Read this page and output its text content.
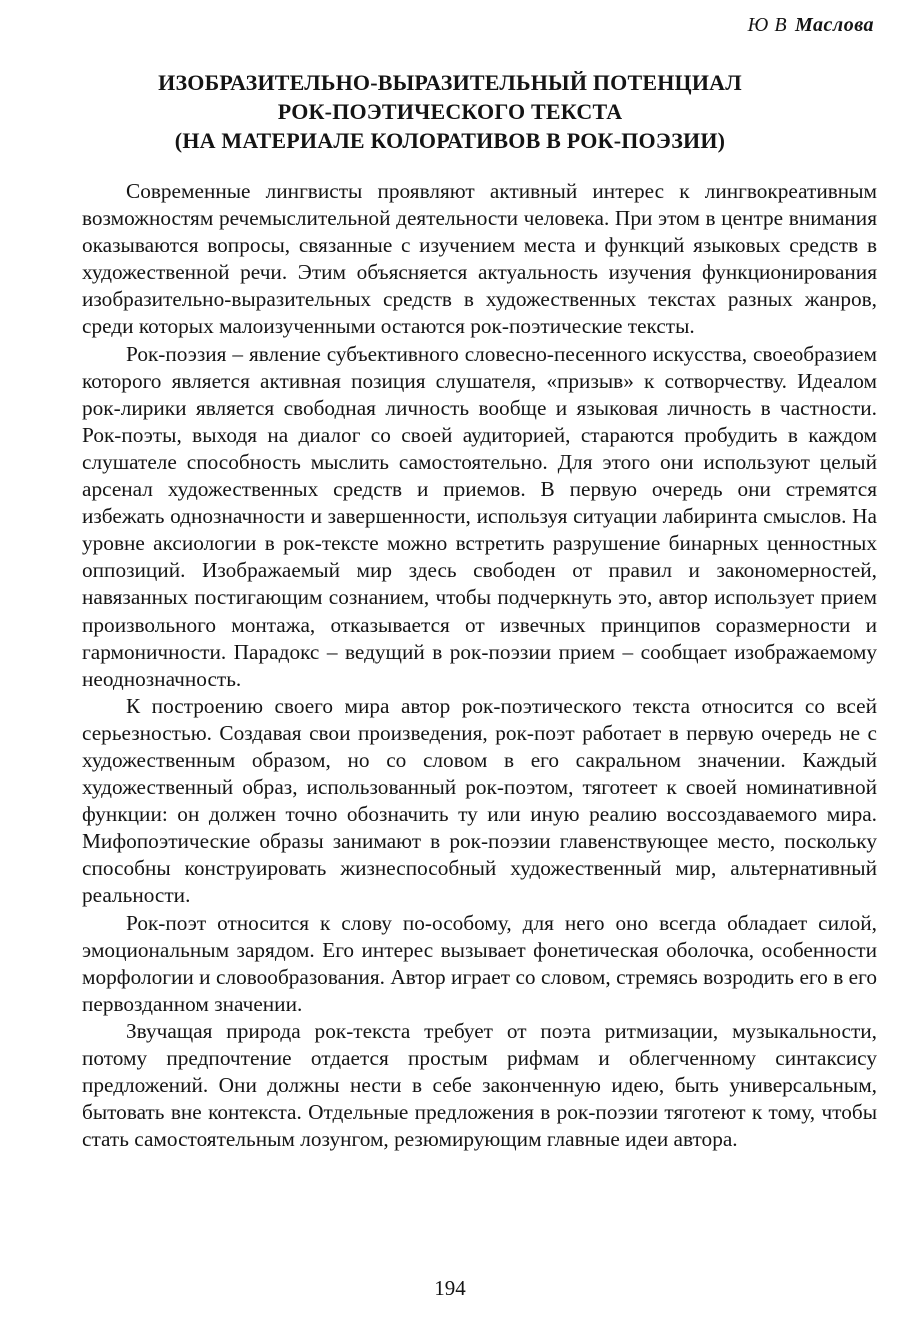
Ю В Маслова
ИЗОБРАЗИТЕЛЬНО-ВЫРАЗИТЕЛЬНЫЙ ПОТЕНЦИАЛ
РОК-ПОЭТИЧЕСКОГО ТЕКСТА
(НА МАТЕРИАЛЕ КОЛОРАТИВОВ В РОК-ПОЭЗИИ)

Современные лингвисты проявляют активный интерес к лингвокреативным возможностям речемыслительной деятельности человека. При этом в центре внимания оказываются вопросы, связанные с изучением места и функций языковых средств в художественной речи. Этим объясняется актуальность изучения функционирования изобразительно-выразительных средств в художественных текстах разных жанров, среди которых малоизученными остаются рок-поэтические тексты.

Рок-поэзия – явление субъективного словесно-песенного искусства, своеобразием которого является активная позиция слушателя, «призыв» к сотворчеству. Идеалом рок-лирики является свободная личность вообще и языковая личность в частности. Рок-поэты, выходя на диалог со своей аудиторией, стараются пробудить в каждом слушателе способность мыслить самостоятельно. Для этого они используют целый арсенал художественных средств и приемов. В первую очередь они стремятся избежать однозначности и завершенности, используя ситуации лабиринта смыслов. На уровне аксиологии в рок-тексте можно встретить разрушение бинарных ценностных оппозиций. Изображаемый мир здесь свободен от правил и закономерностей, навязанных постигающим сознанием, чтобы подчеркнуть это, автор использует прием произвольного монтажа, отказывается от извечных принципов соразмерности и гармоничности. Парадокс – ведущий в рок-поэзии прием – сообщает изображаемому неоднозначность.

К построению своего мира автор рок-поэтического текста относится со всей серьезностью. Создавая свои произведения, рок-поэт работает в первую очередь не с художественным образом, но со словом в его сакральном значении. Каждый художественный образ, использованный рок-поэтом, тяготеет к своей номинативной функции: он должен точно обозначить ту или иную реалию воссоздаваемого мира. Мифопоэтические образы занимают в рок-поэзии главенствующее место, поскольку способны конструировать жизнеспособный художественный мир, альтернативный реальности.

Рок-поэт относится к слову по-особому, для него оно всегда обладает силой, эмоциональным зарядом. Его интерес вызывает фонетическая оболочка, особенности морфологии и словообразования. Автор играет со словом, стремясь возродить его в его первозданном значении.

Звучащая природа рок-текста требует от поэта ритмизации, музыкальности, потому предпочтение отдается простым рифмам и облегченному синтаксису предложений. Они должны нести в себе законченную идею, быть универсальным, бытовать вне контекста. Отдельные предложения в рок-поэзии тяготеют к тому, чтобы стать самостоятельным лозунгом, резюмирующим главные идеи автора.

194
